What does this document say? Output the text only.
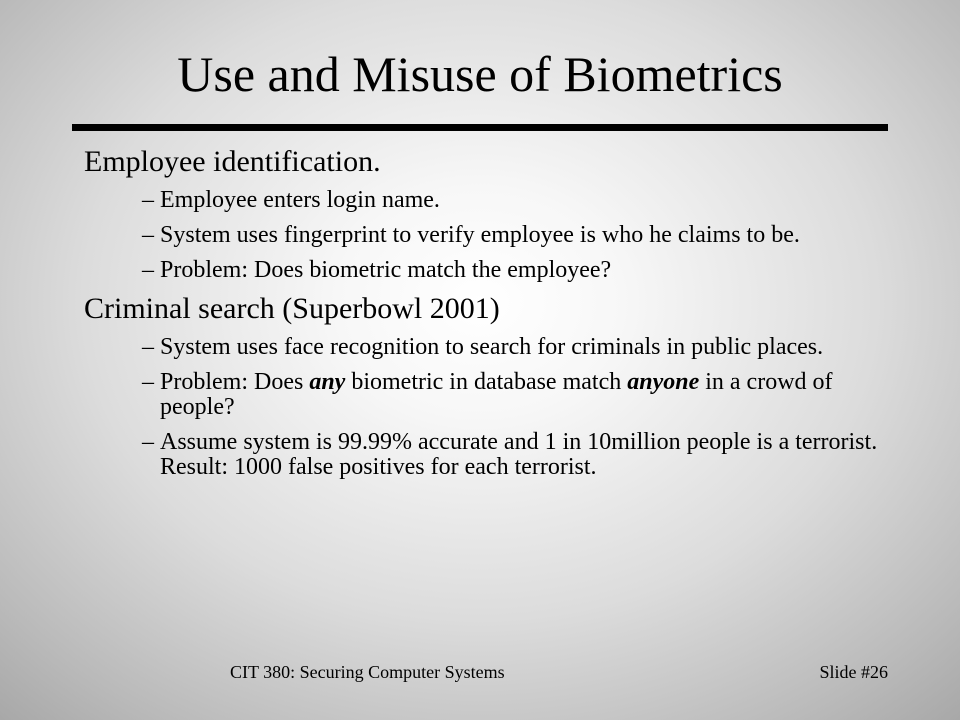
Use and Misuse of Biometrics

Employee identification.

– Employee enters login name.

– System uses fingerprint to verify employee is who he claims to be.

– Problem: Does biometric match the employee?

Criminal search (Superbowl 2001)

– System uses face recognition to search for criminals in public places.

– Problem: Does any biometric in database match anyone in a crowd of people?

– Assume system is 99.99% accurate and 1 in 10million people is a terrorist. Result: 1000 false positives for each terrorist.

CIT 380: Securing Computer Systems	Slide #26
